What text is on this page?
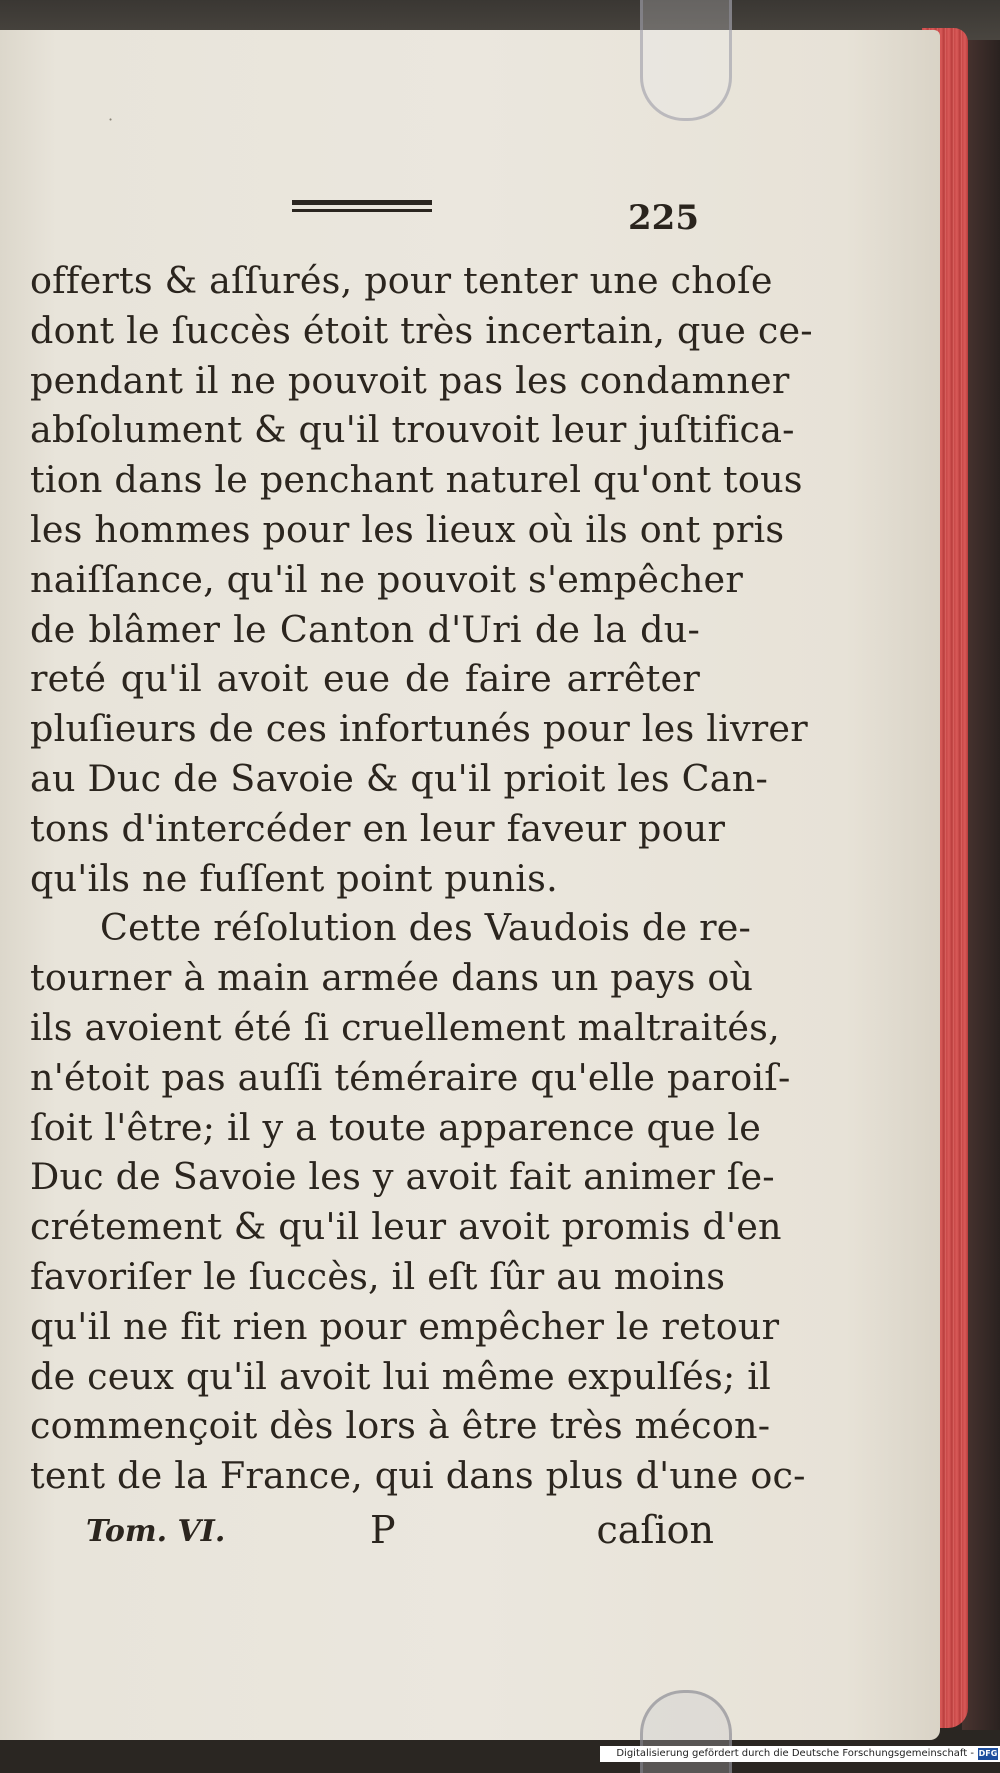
·
225
offerts & aſſurés, pour tenter une choſe
dont le ſuccès étoit très incertain, que ce-
pendant il ne pouvoit pas les condamner
abſolument & qu'il trouvoit leur juſtifica-
tion dans le penchant naturel qu'ont tous
les hommes pour les lieux où ils ont pris
naiſſance, qu'il ne pouvoit s'empêcher
de blâmer le Canton d'Uri de la du-
reté qu'il avoit eue de faire arrêter
pluſieurs de ces infortunés pour les livrer
au Duc de Savoie & qu'il prioit les Can-
tons d'intercéder en leur faveur pour
qu'ils ne fuſſent point punis.
Cette réſolution des Vaudois de re-
tourner à main armée dans un pays où
ils avoient été ſi cruellement maltraités,
n'étoit pas auſſi téméraire qu'elle paroiſ-
ſoit l'être; il y a toute apparence que le
Duc de Savoie les y avoit fait animer ſe-
crétement & qu'il leur avoit promis d'en
favoriſer le ſuccès, il eſt ſûr au moins
qu'il ne fit rien pour empêcher le retour
de ceux qu'il avoit lui même expulſés; il
commençoit dès lors à être très mécon-
tent de la France, qui dans plus d'une oc-
Tom. VI.	P	caſion
Digitalisierung gefördert durch die Deutsche Forschungsgemeinschaft - DFG
